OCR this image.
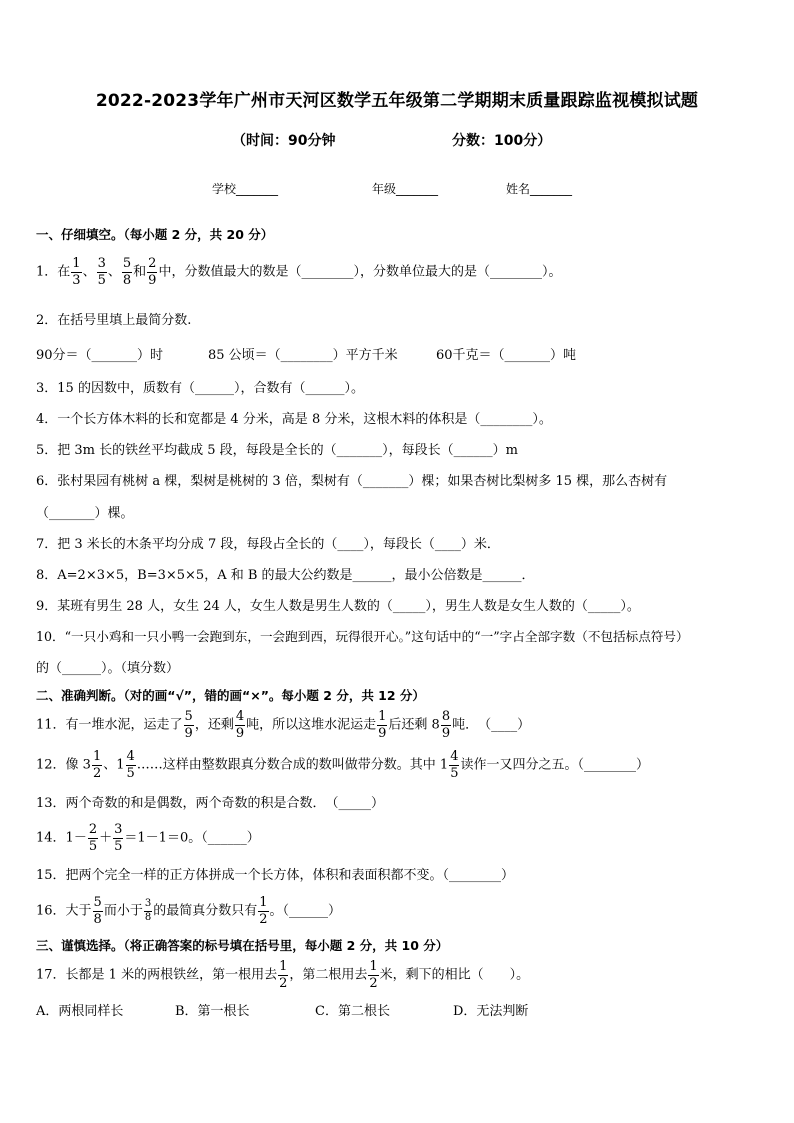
2022-2023学年广州市天河区数学五年级第二学期期末质量跟踪监视模拟试题
（时间：90分钟	分数：100分）
学校_______	年级_______	姓名_______
一、仔细填空。（每小题 2 分，共 20 分）
1．在 $\frac{1}{3}$ 、 $\frac{3}{5}$ 、 $\frac{5}{8}$ 和 $\frac{2}{9}$ 中，分数值最大的数是（________），分数单位最大的是（________）。
2．在括号里填上最简分数.
90分＝（_______）时	85 公顷＝（________）平方千米	60千克＝（_______）吨
3．15 的因数中，质数有（______），合数有（______）。
4．一个长方体木料的长和宽都是 4 分米，高是 8 分米，这根木料的体积是（________）。
5．把 3m 长的铁丝平均截成 5 段，每段是全长的（_______），每段长（______）m
6．张村果园有桃树 a 棵，梨树是桃树的 3 倍，梨树有（_______）棵；如果杏树比梨树多 15 棵，那么杏树有
（_______）棵。
7．把 3 米长的木条平均分成 7 段，每段占全长的（____），每段长（____）米．
8．A=2×3×5，B=3×5×5，A 和 B 的最大公约数是______，最小公倍数是______．
9．某班有男生 28 人，女生 24 人，女生人数是男生人数的（_____），男生人数是女生人数的（_____）。
10．“一只小鸡和一只小鸭一会跑到东，一会跑到西，玩得很开心。”这句话中的“一”字占全部字数（不包括标点符号）
的（______）。（填分数）
二、准确判断。（对的画“√”，错的画“×”。每小题 2 分，共 12 分）
11．有一堆水泥，运走了 $\frac{5}{9}$ ，还剩 $\frac{4}{9}$ 吨，所以这堆水泥运走 $\frac{1}{9}$ 后还剩 $8 \frac{8}{9}$ 吨．　（____）
12．像 $3 \frac{1}{2}$ 、$1 \frac{4}{5}$ ……这样由整数跟真分数合成的数叫做带分数。其中 $1 \frac{4}{5}$ 读作一又四分之五。（________）
13．两个奇数的和是偶数，两个奇数的积是合数．　（_____）
14．$1- \frac{2}{5} + \frac{3}{5} =1-1=0$。（______）
15．把两个完全一样的正方体拼成一个长方体，体积和表面积都不变。（________）
16．大于 $\frac{5}{8}$ 而小于 $\frac{3}{8}$ 的最简真分数只有 $\frac{1}{2}$ 。（______）
三、谨慎选择。（将正确答案的标号填在括号里，每小题 2 分，共 10 分）
17．长都是 1 米的两根铁丝，第一根用去 $\frac{1}{2}$ ，第二根用去 $\frac{1}{2}$ 米，剩下的相比（　　）。
A．两根同样长	B．第一根长	C．第二根长	D．无法判断
